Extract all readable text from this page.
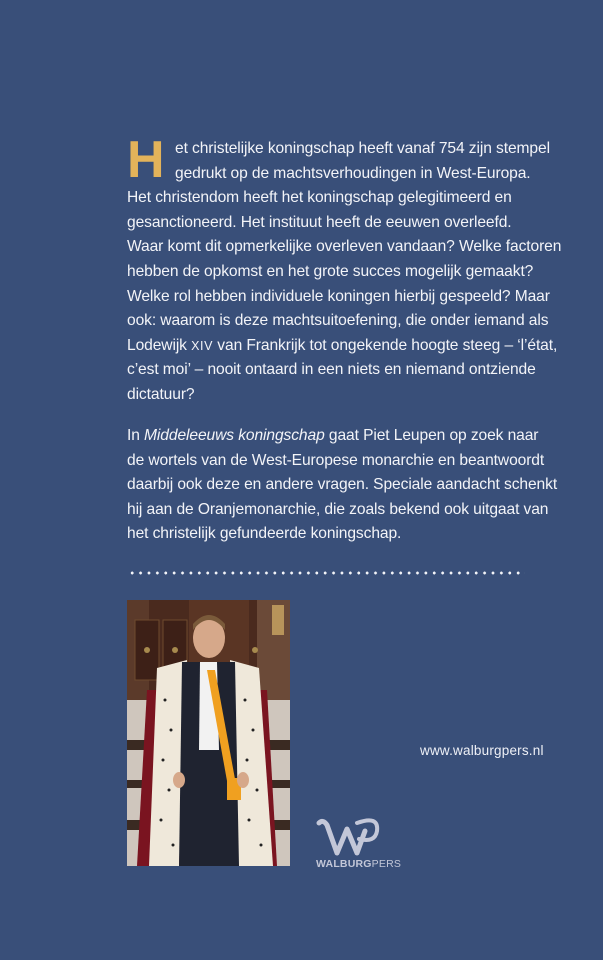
H et christelijke koningschap heeft vanaf 754 zijn stempel
gedrukt op de machtsverhoudingen in West-Europa.
Het christendom heeft het koningschap gelegitimeerd en
gesanctioneerd. Het instituut heeft de eeuwen overleefd.
Waar komt dit opmerkelijke overleven vandaan? Welke factoren
hebben de opkomst en het grote succes mogelijk gemaakt?
Welke rol hebben individuele koningen hierbij gespeeld? Maar
ook: waarom is deze machtsuitoefening, die onder iemand als
Lodewijk XIV van Frankrijk tot ongekende hoogte steeg – ‘l’état,
c’est moi’ – nooit ontaard in een niets en niemand ontziende
dictatuur?
In Middeleeuws koningschap gaat Piet Leupen op zoek naar
de wortels van de West-Europese monarchie en beantwoordt
daarbij ook deze en andere vragen. Speciale aandacht schenkt
hij aan de Oranjemonarchie, die zoals bekend ook uitgaat van
het christelijk gefundeerde koningschap.
www.walburgpers.nl
WALBURGPERS
